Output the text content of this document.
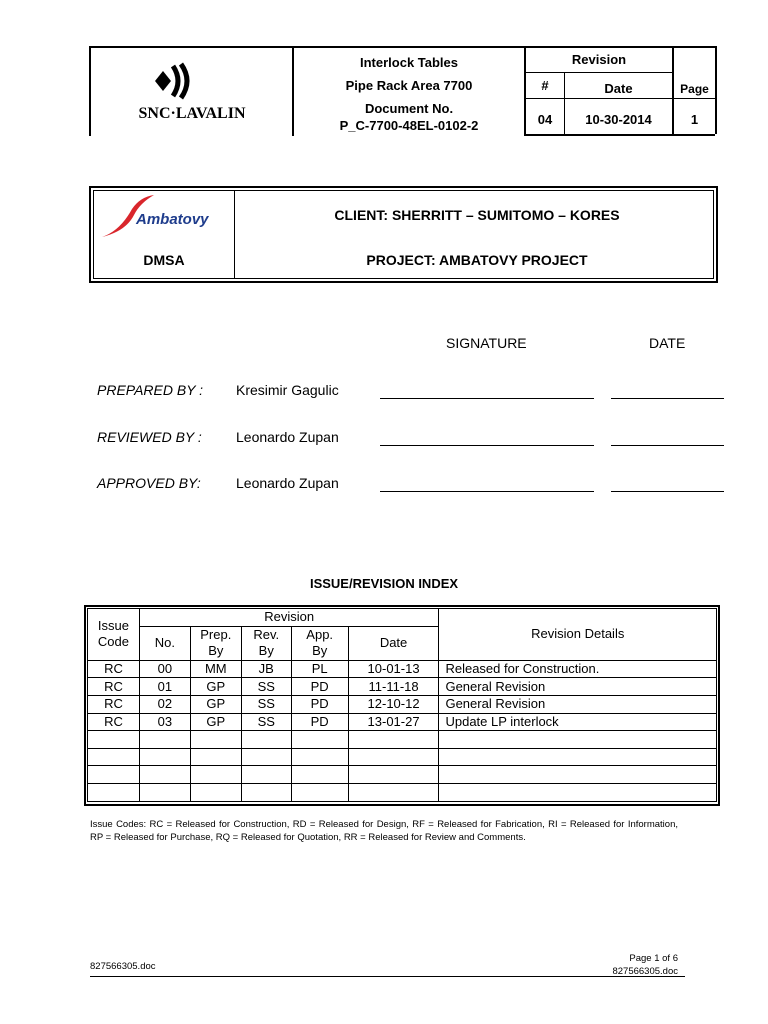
SNC·LAVALIN
Interlock Tables
Pipe Rack Area 7700
Document No.
P_C-7700-48EL-0102-2
Revision
#	Date	Page
04	10-30-2014	1
Ambatovy
DMSA
CLIENT: SHERRITT – SUMITOMO – KORES
PROJECT: AMBATOVY PROJECT
SIGNATURE	DATE
PREPARED BY : Kresimir Gagulic
REVIEWED BY : Leonardo Zupan
APPROVED BY:	Leonardo Zupan
ISSUE/REVISION INDEX
Issue
Code	Revision					Revision Details
	No.	Prep.	Rev.	App.	Date	
		By	By	By		
RC	00	MM	JB	PL	10-01-13	Released for Construction.
RC	01	GP	SS	PD	11-11-18	General Revision
RC	02	GP	SS	PD	12-10-12	General Revision
RC	03	GP	SS	PD	13-01-27	Update LP interlock

Issue Codes: RC = Released for Construction, RD = Released for Design, RF = Released for Fabrication, RI = Released for Information, RP = Released for Purchase, RQ = Released for Quotation, RR = Released for Review and Comments.
827566305.doc
Page 1 of 6
827566305.doc
